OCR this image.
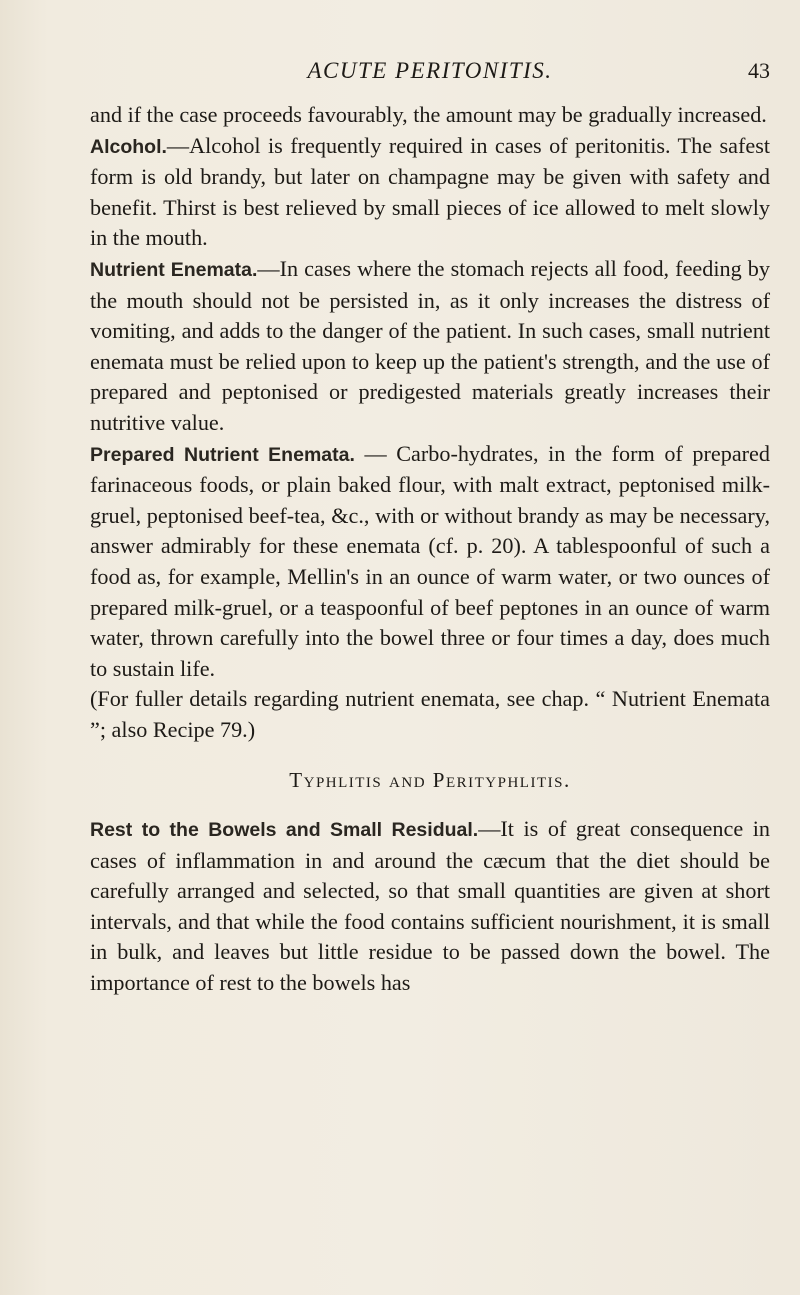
ACUTE PERITONITIS.	43

and if the case proceeds favourably, the amount may be gradually increased.

Alcohol.—Alcohol is frequently required in cases of peritonitis. The safest form is old brandy, but later on champagne may be given with safety and benefit. Thirst is best relieved by small pieces of ice allowed to melt slowly in the mouth.

Nutrient Enemata.—In cases where the stomach rejects all food, feeding by the mouth should not be persisted in, as it only increases the distress of vomiting, and adds to the danger of the patient. In such cases, small nutrient enemata must be relied upon to keep up the patient's strength, and the use of prepared and peptonised or predigested materials greatly increases their nutritive value.

Prepared Nutrient Enemata. — Carbo-hydrates, in the form of prepared farinaceous foods, or plain baked flour, with malt extract, peptonised milk-gruel, peptonised beef-tea, &c., with or without brandy as may be necessary, answer admirably for these enemata (cf. p. 20). A tablespoonful of such a food as, for example, Mellin's in an ounce of warm water, or two ounces of prepared milk-gruel, or a teaspoonful of beef peptones in an ounce of warm water, thrown carefully into the bowel three or four times a day, does much to sustain life.

(For fuller details regarding nutrient enemata, see chap. “ Nutrient Enemata ”; also Recipe 79.)

Typhlitis and Perityphlitis.

Rest to the Bowels and Small Residual.—It is of great consequence in cases of inflammation in and around the cæcum that the diet should be carefully arranged and selected, so that small quantities are given at short intervals, and that while the food contains sufficient nourishment, it is small in bulk, and leaves but little residue to be passed down the bowel. The importance of rest to the bowels has
